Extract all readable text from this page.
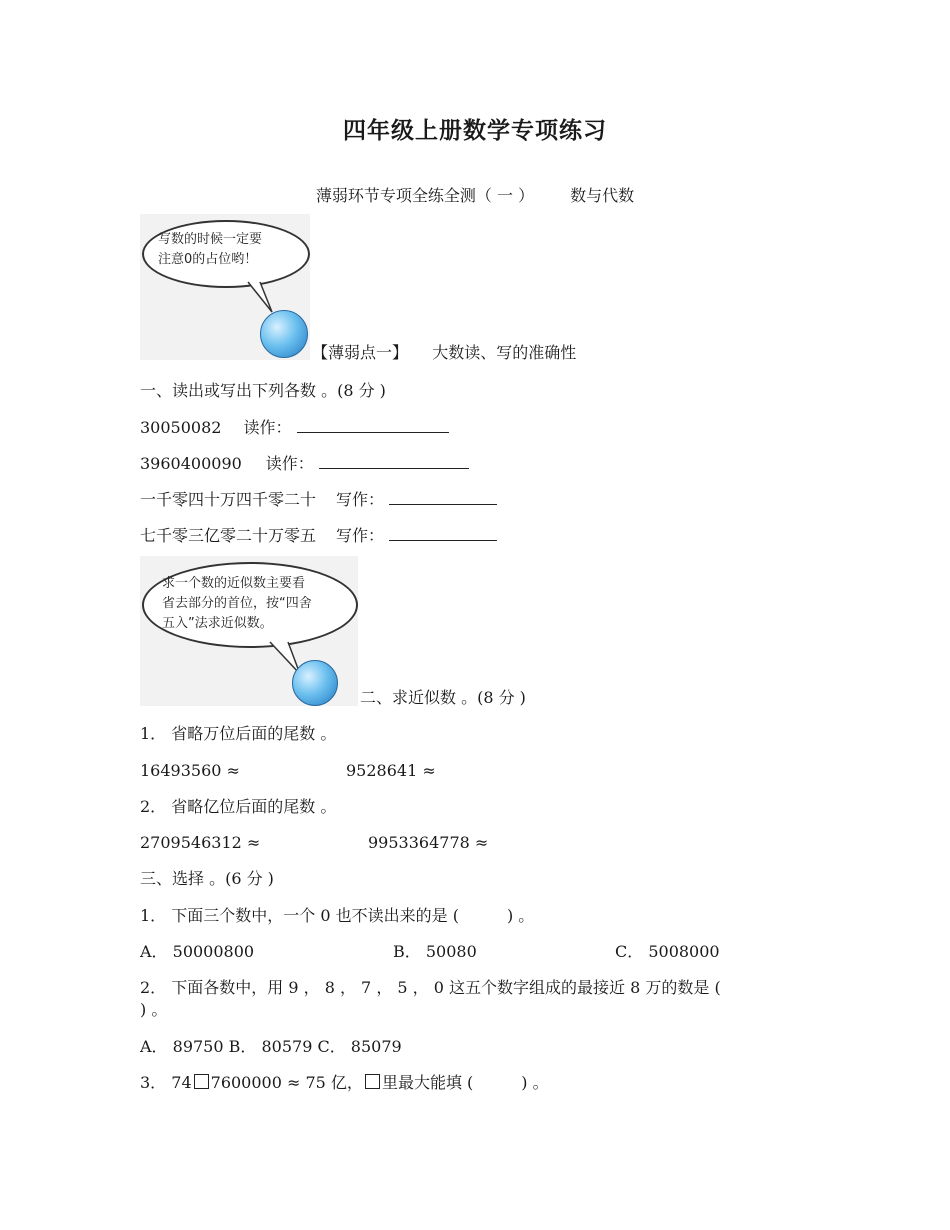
四年级上册数学专项练习
薄弱环节专项全练全测（ 一 ） 数与代数
写数的时候一定要
注意0的占位哟！
【薄弱点一】 大数读、写的准确性
一、读出或写出下列各数 。(8 分 )
30050082 读作：
3960400090 读作：
一千零四十万四千零二十 写作：
七千零三亿零二十万零五 写作：
求一个数的近似数主要看
省去部分的首位，按“四舍
五入”法求近似数。
二、求近似数 。(8 分 )
1． 省略万位后面的尾数 。
16493560 ≈	9528641 ≈
2． 省略亿位后面的尾数 。
2709546312 ≈	9953364778 ≈
三、选择 。(6 分 )
1． 下面三个数中，一个 0 也不读出来的是 (　　　) 。
A． 50000800	B． 50080	C． 5008000
2． 下面各数中，用 9 ， 8 ， 7 ， 5 ， 0 这五个数字组成的最接近 8 万的数是 (
) 。
A． 89750 B． 80579 C． 85079
3． 74 7600000 ≈ 75 亿， 里最大能填 (　　　) 。
